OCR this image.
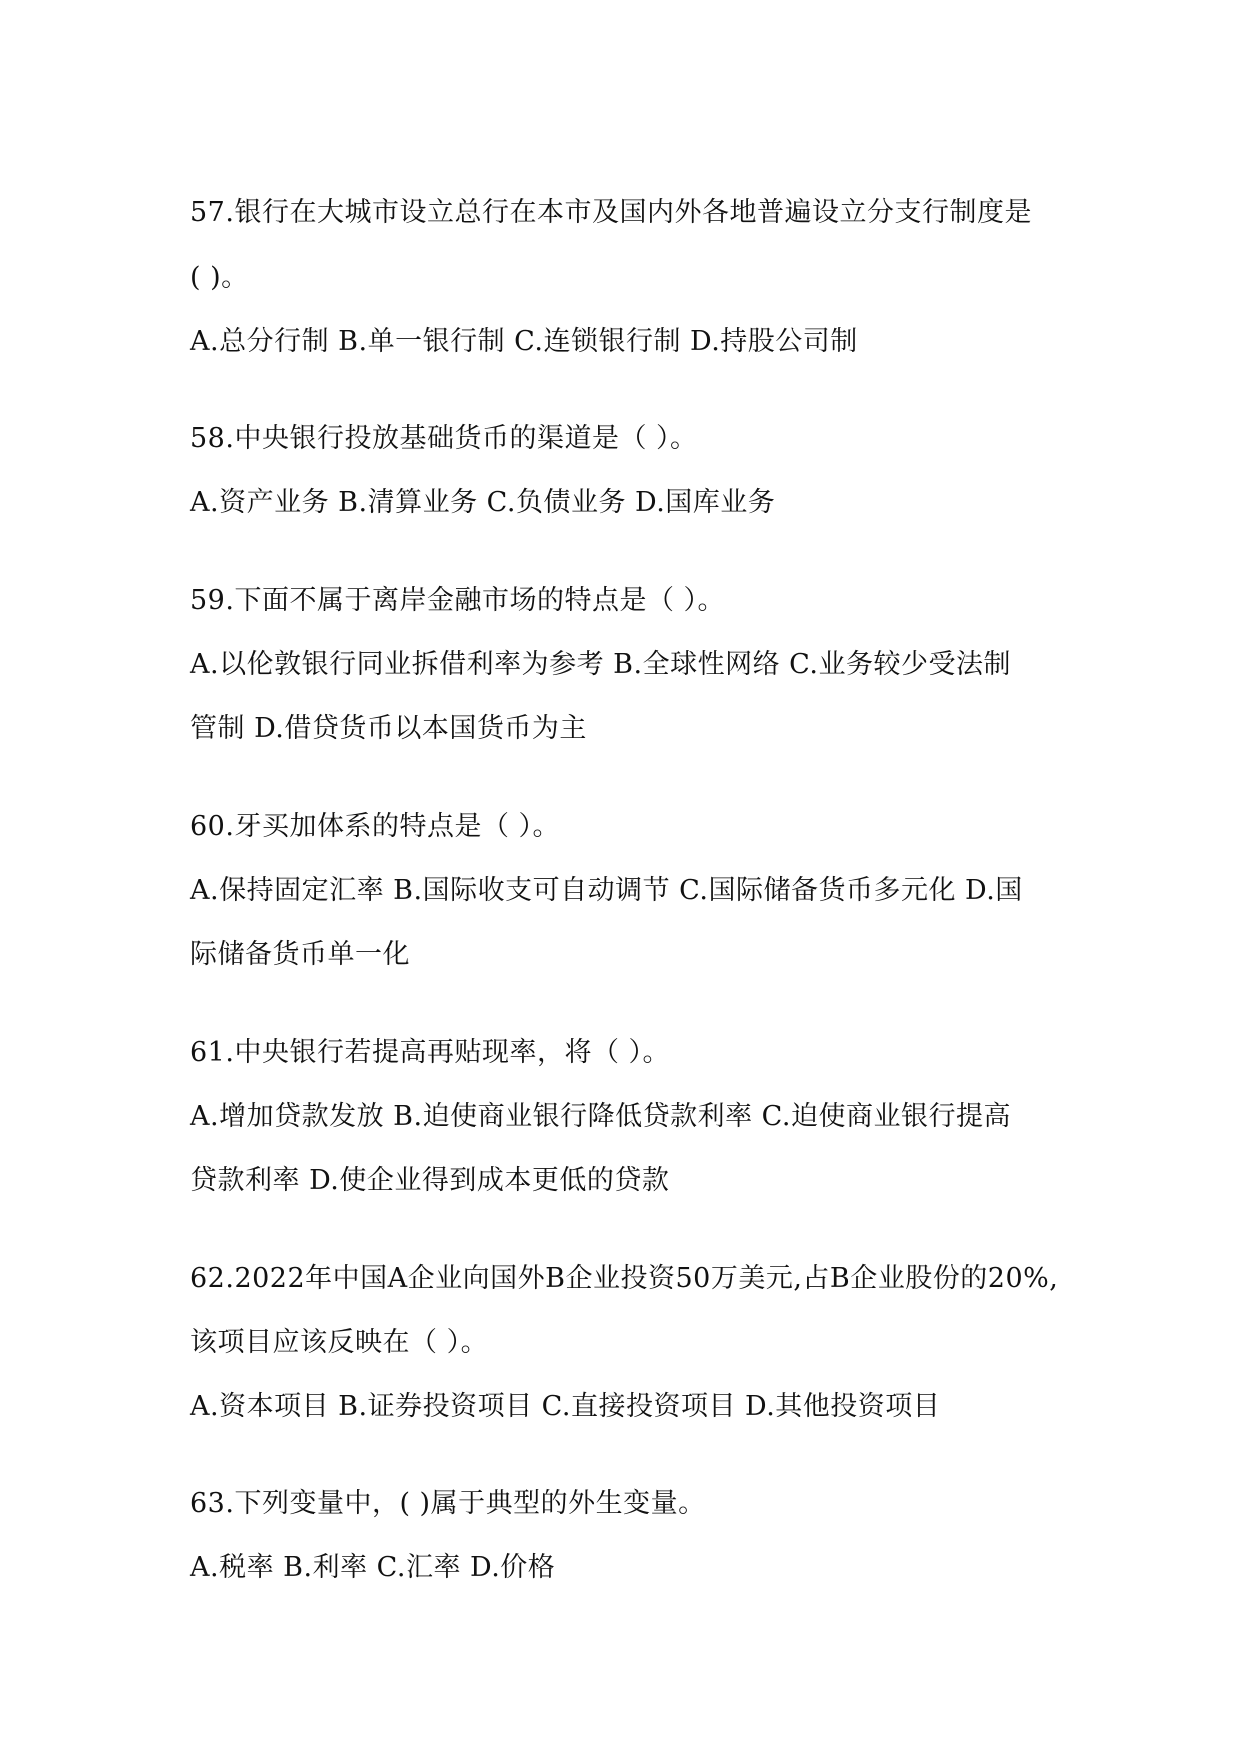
57.银行在大城市设立总行在本市及国内外各地普遍设立分支行制度是
( )。
A.总分行制 B.单一银行制 C.连锁银行制 D.持股公司制
58.中央银行投放基础货币的渠道是（ ）。
A.资产业务 B.清算业务 C.负债业务 D.国库业务
59.下面不属于离岸金融市场的特点是（ ）。
A.以伦敦银行同业拆借利率为参考 B.全球性网络 C.业务较少受法制
管制 D.借贷货币以本国货币为主
60.牙买加体系的特点是（ ）。
A.保持固定汇率 B.国际收支可自动调节 C.国际储备货币多元化 D.国
际储备货币单一化
61.中央银行若提高再贴现率，将（ ）。
A.增加贷款发放 B.迫使商业银行降低贷款利率 C.迫使商业银行提高
贷款利率 D.使企业得到成本更低的贷款
62.2022年中国A企业向国外B企业投资50万美元,占B企业股份的20%,
该项目应该反映在（ ）。
A.资本项目 B.证券投资项目 C.直接投资项目 D.其他投资项目
63.下列变量中，( )属于典型的外生变量。
A.税率 B.利率 C.汇率 D.价格
